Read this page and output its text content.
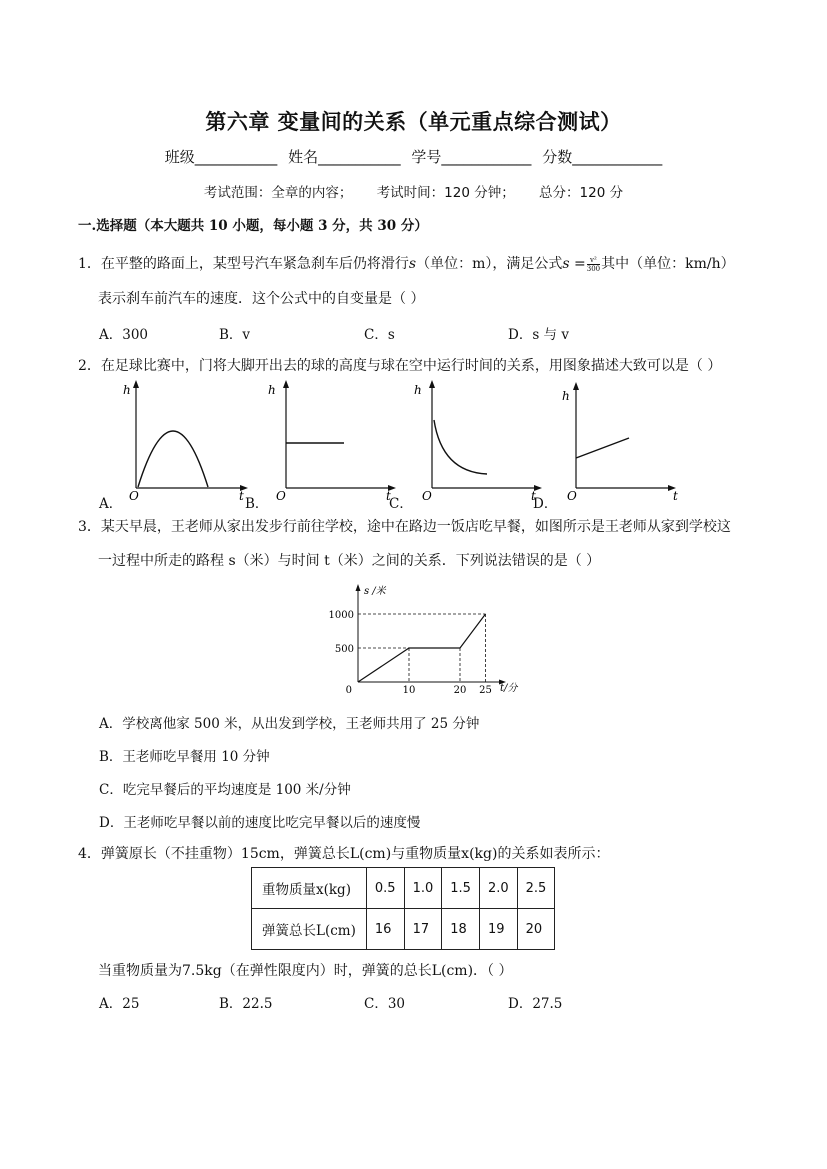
第六章 变量间的关系（单元重点综合测试）
班级___________ 姓名___________ 学号____________ 分数____________
考试范围：全章的内容； 考试时间：120 分钟； 总分：120 分
一.选择题（本大题共 10 小题，每小题 3 分，共 30 分）
1．在平整的路面上，某型号汽车紧急刹车后仍将滑行s（单位：m），满足公式$s = \frac{\text{v²}}{300}$ 其中（单位：km/h）
表示刹车前汽车的速度．这个公式中的自变量是（ ）
A．300	B．v	C．s	D．s 与 v
2．在足球比赛中，门将大脚开出去的球的高度与球在空中运行时间的关系，用图象描述大致可以是（ ）
h
O	t
A．
h
O	t
B．
h
O	t
C．
h
O	t
D．
3．某天早晨，王老师从家出发步行前往学校，途中在路边一饭店吃早餐，如图所示是王老师从家到学校这
一过程中所走的路程 s（米）与时间 t（米）之间的关系．下列说法错误的是（ ）
500
1000
0	10	20 25
s /米
t/分
A．学校离他家 500 米，从出发到学校，王老师共用了 25 分钟
B．王老师吃早餐用 10 分钟
C．吃完早餐后的平均速度是 100 米/分钟
D．王老师吃早餐以前的速度比吃完早餐以后的速度慢
4．弹簧原长（不挂重物）15cm，弹簧总长L(cm)与重物质量x(kg)的关系如表所示：
重物质量x(kg)	0.5	1.0	1.5	2.0	2.5
弹簧总长L(cm)	16	17	18	19	20
当重物质量为7.5kg（在弹性限度内）时，弹簧的总长L(cm)．（ ）
A．25	B．22.5	C．30	D．27.5
